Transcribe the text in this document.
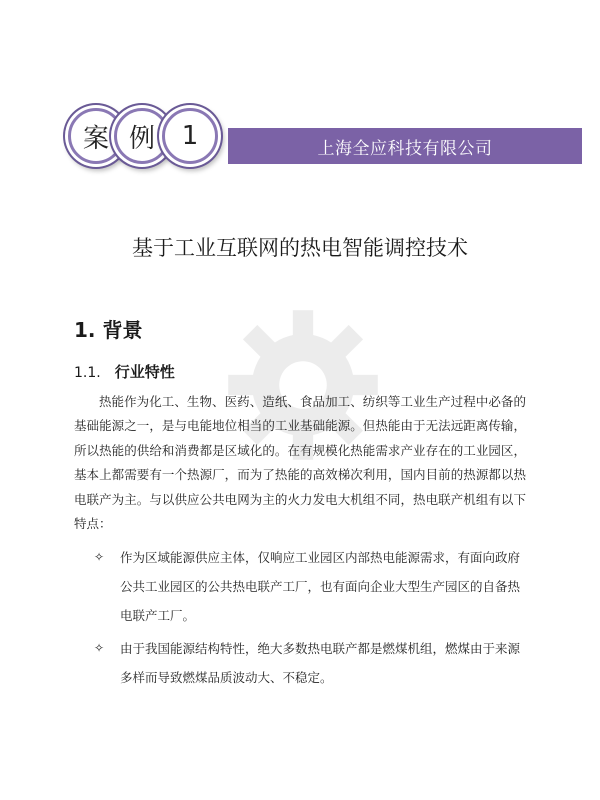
案 例	1	上海全应科技有限公司
基于工业互联网的热电智能调控技术
1. 背景
1.1. 行业特性

热能作为化工、生物、医药、造纸、食品加工、纺织等工业生产过程中必备的基础能源之一，是与电能地位相当的工业基础能源。但热能由于无法远距离传输，所以热能的供给和消费都是区域化的。在有规模化热能需求产业存在的工业园区，基本上都需要有一个热源厂，而为了热能的高效梯次利用，国内目前的热源都以热电联产为主。与以供应公共电网为主的火力发电大机组不同，热电联产机组有以下特点：

✧ 作为区域能源供应主体，仅响应工业园区内部热电能源需求，有面向政府公共工业园区的公共热电联产工厂，也有面向企业大型生产园区的自备热电联产工厂。
✧ 由于我国能源结构特性，绝大多数热电联产都是燃煤机组，燃煤由于来源多样而导致燃煤品质波动大、不稳定。
